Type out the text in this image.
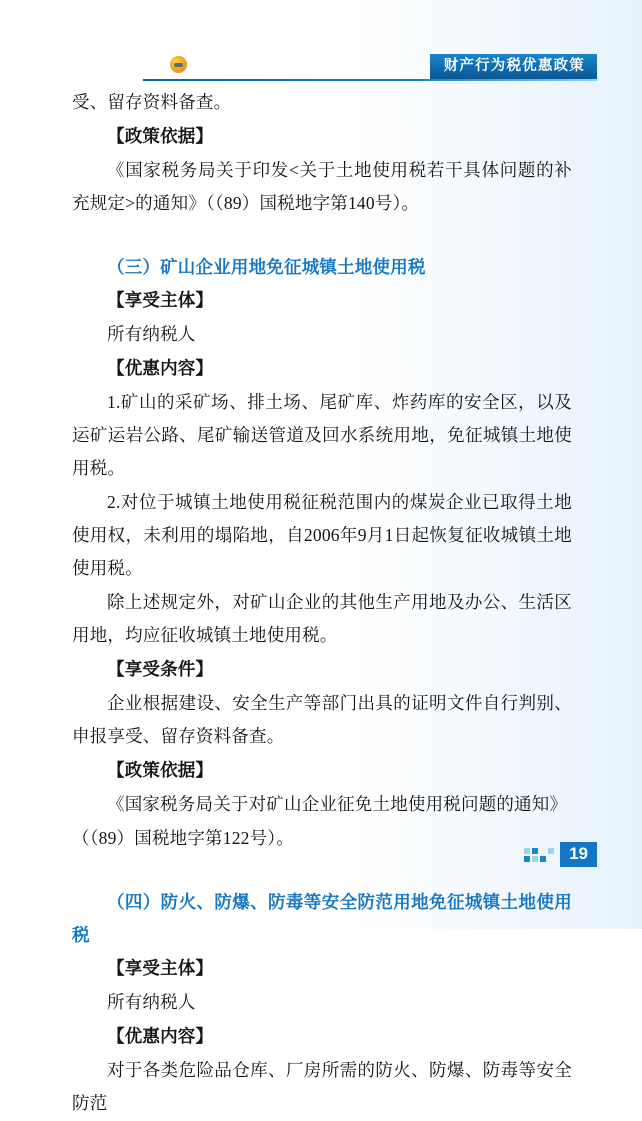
财产行为税优惠政策

受、留存资料备查。

【政策依据】

《国家税务局关于印发<关于土地使用税若干具体问题的补充规定>的通知》（（89）国税地字第140号）。

（三）矿山企业用地免征城镇土地使用税

【享受主体】

所有纳税人

【优惠内容】

1.矿山的采矿场、排土场、尾矿库、炸药库的安全区，以及运矿运岩公路、尾矿输送管道及回水系统用地，免征城镇土地使用税。

2.对位于城镇土地使用税征税范围内的煤炭企业已取得土地使用权，未利用的塌陷地，自2006年9月1日起恢复征收城镇土地使用税。

除上述规定外，对矿山企业的其他生产用地及办公、生活区用地，均应征收城镇土地使用税。

【享受条件】

企业根据建设、安全生产等部门出具的证明文件自行判别、申报享受、留存资料备查。

【政策依据】

《国家税务局关于对矿山企业征免土地使用税问题的通知》

（（89）国税地字第122号）。

（四）防火、防爆、防毒等安全防范用地免征城镇土地使用税

【享受主体】

所有纳税人

【优惠内容】

对于各类危险品仓库、厂房所需的防火、防爆、防毒等安全防范

19
